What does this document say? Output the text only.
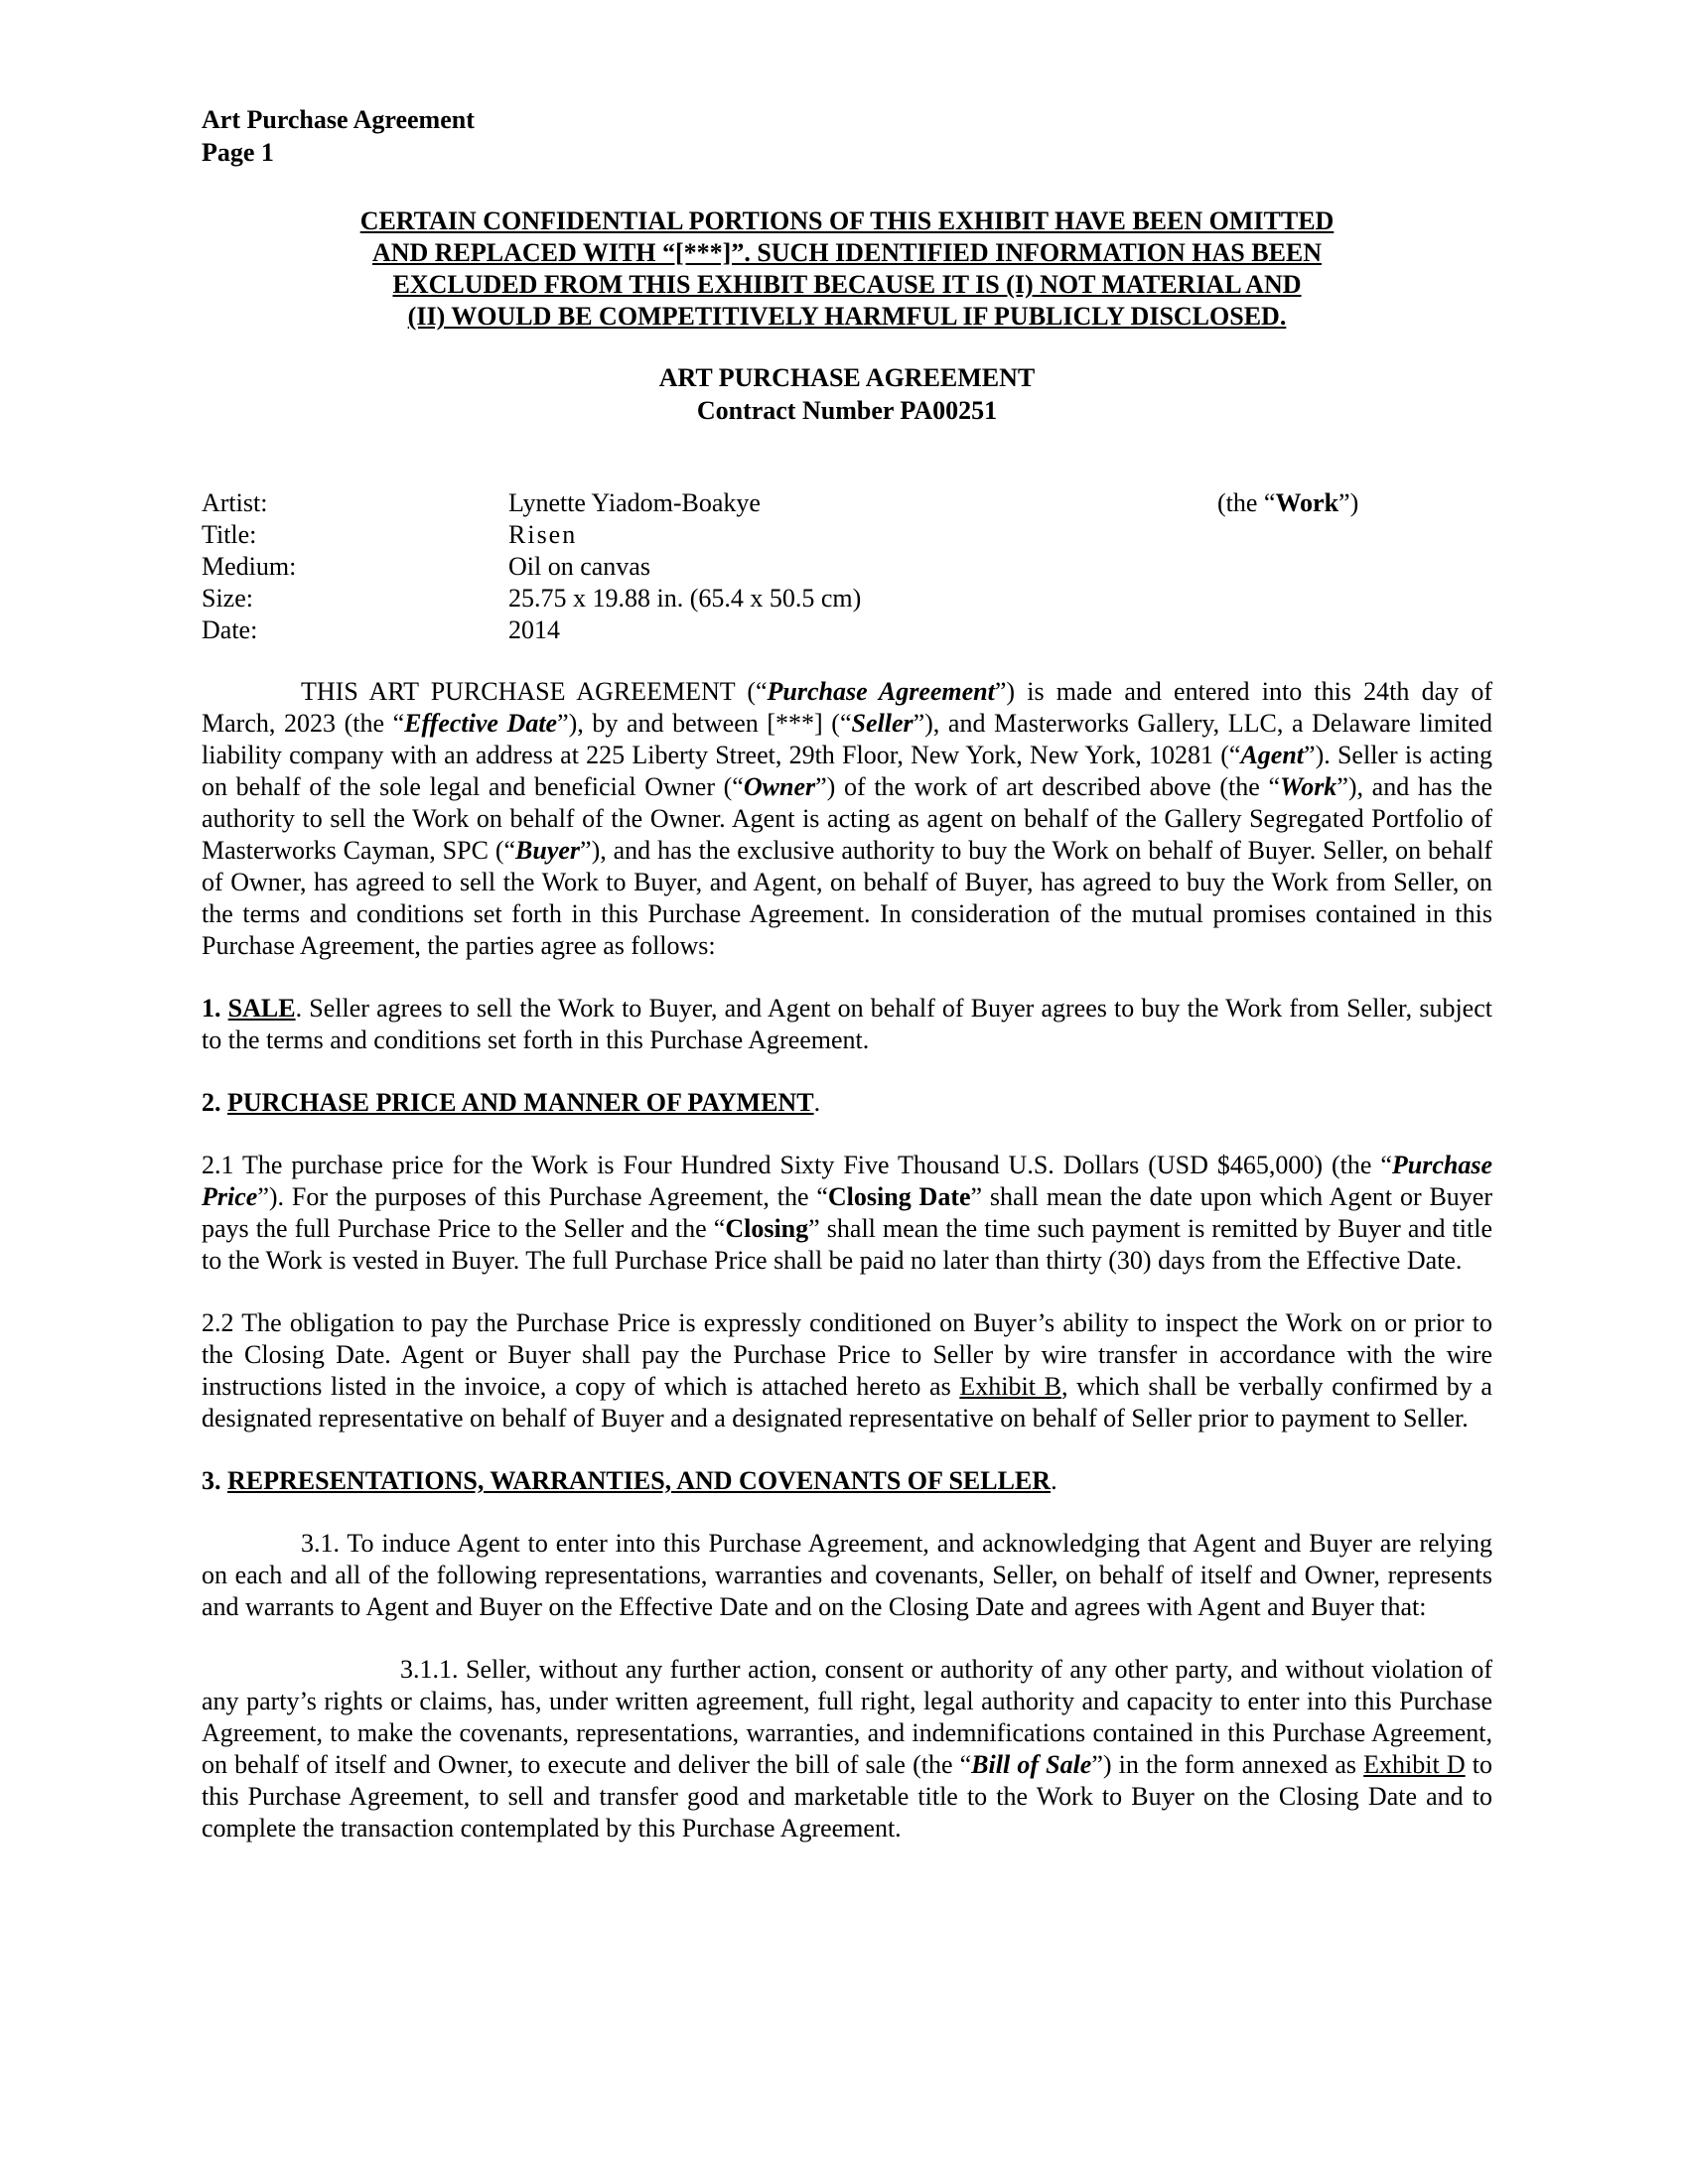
Art Purchase Agreement
Page 1
CERTAIN CONFIDENTIAL PORTIONS OF THIS EXHIBIT HAVE BEEN OMITTED
AND REPLACED WITH “[***]”. SUCH IDENTIFIED INFORMATION HAS BEEN
EXCLUDED FROM THIS EXHIBIT BECAUSE IT IS (I) NOT MATERIAL AND
(II) WOULD BE COMPETITIVELY HARMFUL IF PUBLICLY DISCLOSED.
ART PURCHASE AGREEMENT
Contract Number PA00251
Artist:	Lynette Yiadom-Boakye	(the “Work”)
Title:	Risen
Medium:	Oil on canvas
Size:	25.75 x 19.88 in. (65.4 x 50.5 cm)
Date:	2014

THIS ART PURCHASE AGREEMENT (“Purchase Agreement”) is made and entered into this 24th day of March, 2023 (the “Effective Date”), by and between [***] (“Seller”), and Masterworks Gallery, LLC, a Delaware limited liability company with an address at 225 Liberty Street, 29th Floor, New York, New York, 10281 (“Agent”). Seller is acting on behalf of the sole legal and beneficial Owner (“Owner”) of the work of art described above (the “Work”), and has the authority to sell the Work on behalf of the Owner. Agent is acting as agent on behalf of the Gallery Segregated Portfolio of Masterworks Cayman, SPC (“Buyer”), and has the exclusive authority to buy the Work on behalf of Buyer. Seller, on behalf of Owner, has agreed to sell the Work to Buyer, and Agent, on behalf of Buyer, has agreed to buy the Work from Seller, on the terms and conditions set forth in this Purchase Agreement. In consideration of the mutual promises contained in this Purchase Agreement, the parties agree as follows:

1. SALE. Seller agrees to sell the Work to Buyer, and Agent on behalf of Buyer agrees to buy the Work from Seller, subject to the terms and conditions set forth in this Purchase Agreement.

2. PURCHASE PRICE AND MANNER OF PAYMENT.

2.1 The purchase price for the Work is Four Hundred Sixty Five Thousand U.S. Dollars (USD $465,000) (the “Purchase Price”). For the purposes of this Purchase Agreement, the “Closing Date” shall mean the date upon which Agent or Buyer pays the full Purchase Price to the Seller and the “Closing” shall mean the time such payment is remitted by Buyer and title to the Work is vested in Buyer. The full Purchase Price shall be paid no later than thirty (30) days from the Effective Date.

2.2 The obligation to pay the Purchase Price is expressly conditioned on Buyer’s ability to inspect the Work on or prior to the Closing Date. Agent or Buyer shall pay the Purchase Price to Seller by wire transfer in accordance with the wire instructions listed in the invoice, a copy of which is attached hereto as Exhibit B, which shall be verbally confirmed by a designated representative on behalf of Buyer and a designated representative on behalf of Seller prior to payment to Seller.

3. REPRESENTATIONS, WARRANTIES, AND COVENANTS OF SELLER.

3.1. To induce Agent to enter into this Purchase Agreement, and acknowledging that Agent and Buyer are relying on each and all of the following representations, warranties and covenants, Seller, on behalf of itself and Owner, represents and warrants to Agent and Buyer on the Effective Date and on the Closing Date and agrees with Agent and Buyer that:

3.1.1. Seller, without any further action, consent or authority of any other party, and without violation of any party’s rights or claims, has, under written agreement, full right, legal authority and capacity to enter into this Purchase Agreement, to make the covenants, representations, warranties, and indemnifications contained in this Purchase Agreement, on behalf of itself and Owner, to execute and deliver the bill of sale (the “Bill of Sale”) in the form annexed as Exhibit D to this Purchase Agreement, to sell and transfer good and marketable title to the Work to Buyer on the Closing Date and to complete the transaction contemplated by this Purchase Agreement.
